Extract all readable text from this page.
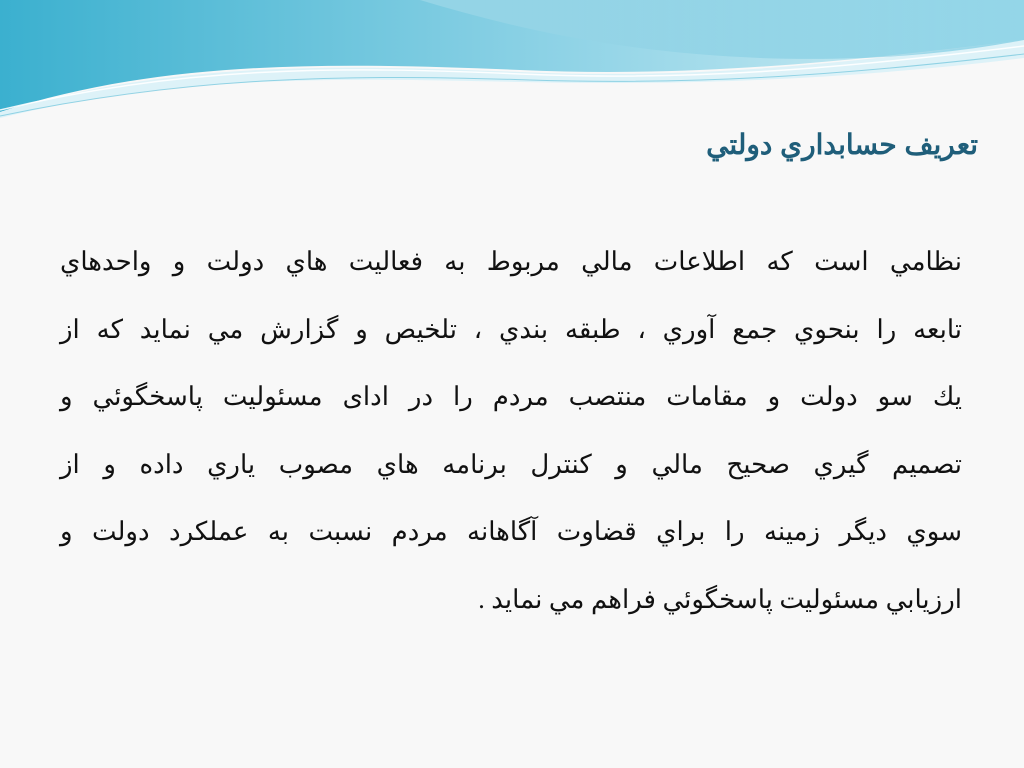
تعريف حسابداري دولتي
نظامي است كه اطلاعات مالي مربوط به فعاليت هاي دولت و واحدهاي
تابعه را بنحوي جمع آوري ، طبقه بندي ، تلخيص و گزارش مي نمايد كه از
يك سو دولت و مقامات منتصب مردم را در اداى مسئوليت پاسخگوئي و
تصميم گيري صحيح مالي و كنترل برنامه هاي مصوب ياري داده و از
سوي ديگر زمينه را براي قضاوت آگاهانه مردم نسبت به عملكرد دولت و
ارزيابي مسئوليت پاسخگوئي فراهم مي نمايد .
